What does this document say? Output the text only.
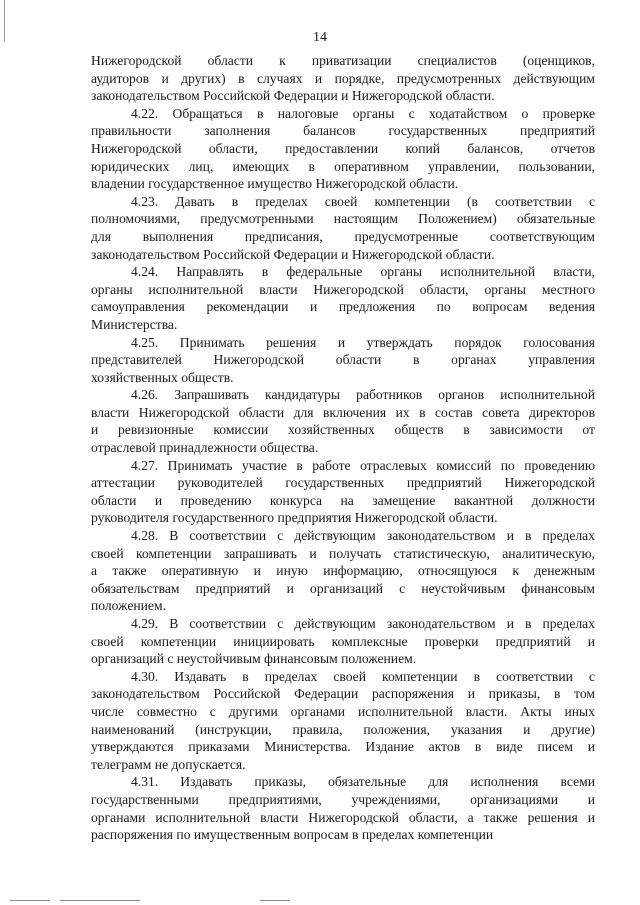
14
Нижегородской области к приватизации специалистов (оценщиков,
аудиторов и других) в случаях и порядке, предусмотренных действующим
законодательством Российской Федерации и Нижегородской области.
4.22. Обращаться в налоговые органы с ходатайством о проверке
правильности заполнения балансов государственных предприятий
Нижегородской области, предоставлении копий балансов, отчетов
юридических лиц, имеющих в оперативном управлении, пользовании,
владении государственное имущество Нижегородской области.
4.23. Давать в пределах своей компетенции (в соответствии с
полномочиями, предусмотренными настоящим Положением) обязательные
для выполнения предписания, предусмотренные соответствующим
законодательством Российской Федерации и Нижегородской области.
4.24. Направлять в федеральные органы исполнительной власти,
органы исполнительной власти Нижегородской области, органы местного
самоуправления рекомендации и предложения по вопросам ведения
Министерства.
4.25. Принимать решения и утверждать порядок голосования
представителей Нижегородской области в органах управления
хозяйственных обществ.
4.26. Запрашивать кандидатуры работников органов исполнительной
власти Нижегородской области для включения их в состав совета директоров
и ревизионные комиссии хозяйственных обществ в зависимости от
отраслевой принадлежности общества.
4.27. Принимать участие в работе отраслевых комиссий по проведению
аттестации руководителей государственных предприятий Нижегородской
области и проведению конкурса на замещение вакантной должности
руководителя государственного предприятия Нижегородской области.
4.28. В соответствии с действующим законодательством и в пределах
своей компетенции запрашивать и получать статистическую, аналитическую,
а также оперативную и иную информацию, относящуюся к денежным
обязательствам предприятий и организаций с неустойчивым финансовым
положением.
4.29. В соответствии с действующим законодательством и в пределах
своей компетенции инициировать комплексные проверки предприятий и
организаций с неустойчивым финансовым положением.
4.30. Издавать в пределах своей компетенции в соответствии с
законодательством Российской Федерации распоряжения и приказы, в том
числе совместно с другими органами исполнительной власти. Акты иных
наименований (инструкции, правила, положения, указания и другие)
утверждаются приказами Министерства. Издание актов в виде писем и
телеграмм не допускается.
4.31. Издавать приказы, обязательные для исполнения всеми
государственными предприятиями, учреждениями, организациями и
органами исполнительной власти Нижегородской области, а также решения и
распоряжения по имущественным вопросам в пределах компетенции
